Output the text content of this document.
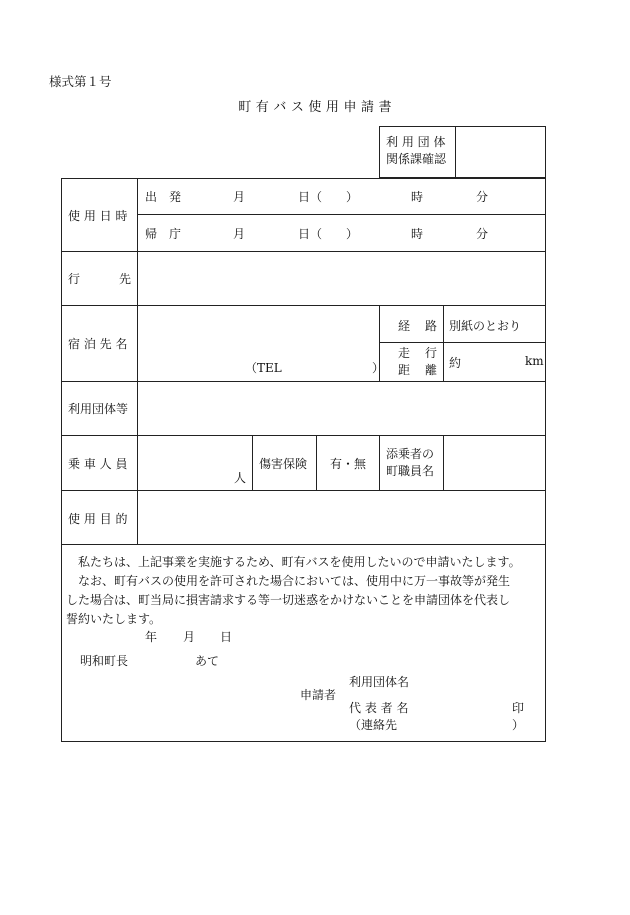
様式第１号
町 有 バ ス 使 用 申 請 書
利 用 団 体
関係課確認
使 用 日 時
出　発	月	日（　　）	時	分
帰　庁	月	日（　　）	時	分
行	先
宿 泊 先 名
（TEL	）
経 路 別紙のとおり
走 行
距 離 約	km
利用団体等
乗 車 人 員
人
傷害保険 有・無
添乗者の
町職員名
使 用 目 的
　私たちは、上記事業を実施するため、町有バスを使用したいので申請いたします。
　なお、町有バスの使用を許可された場合においては、使用中に万一事故等が発生
した場合は、町当局に損害請求する等一切迷惑をかけないことを申請団体を代表し
誓約いたします。
年 月 日
明和町長	あて
利用団体名
申請者
代 表 者 名	印
（連絡先	）
